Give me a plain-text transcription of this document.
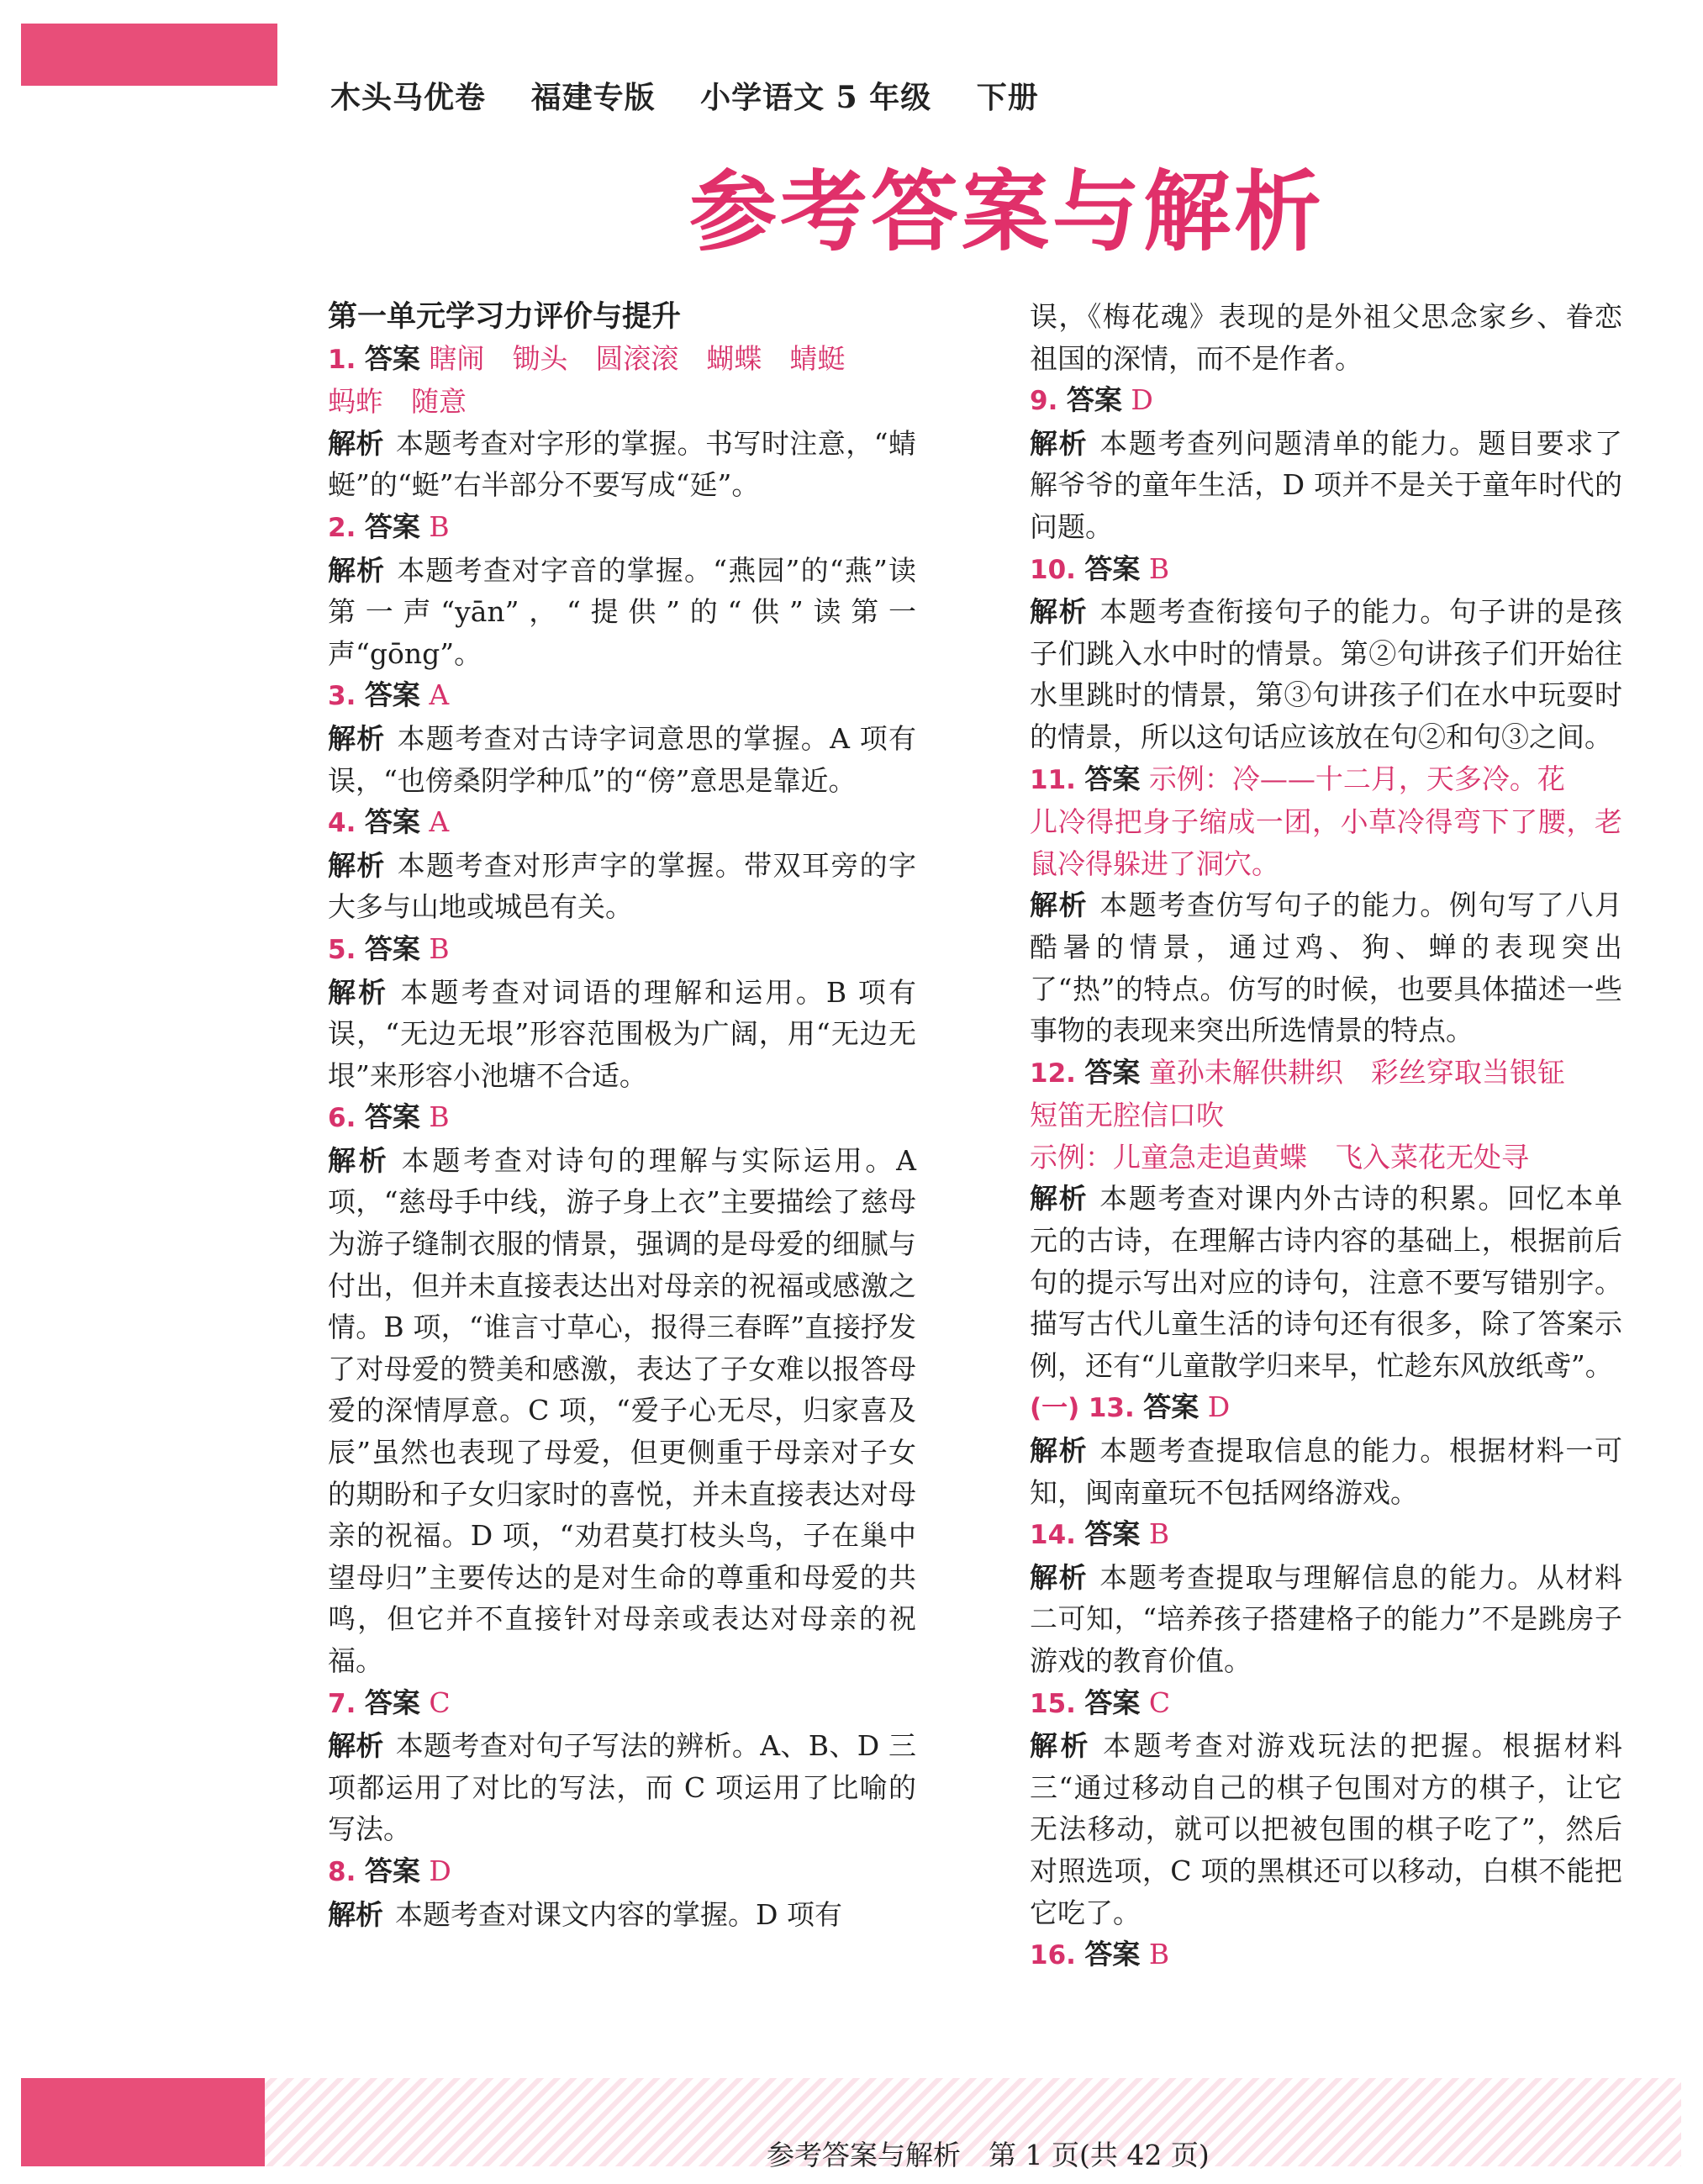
木头马优卷 福建专版 小学语文 5 年级 下册
参考答案与解析

第一单元学习力评价与提升

1. 答案 瞎闹　锄头　圆滚滚　蝴蝶　蜻蜓

蚂蚱　随意

解析 本题考查对字形的掌握。书写时注意，“蜻蜓”的“蜓”右半部分不要写成“延”。

2. 答案 B

解析 本题考查对字音的掌握。“燕园”的“燕”读第一声“yān”，“提供”的“供”读第一声“gōng”。

3. 答案 A

解析 本题考查对古诗字词意思的掌握。A 项有误，“也傍桑阴学种瓜”的“傍”意思是靠近。

4. 答案 A

解析 本题考查对形声字的掌握。带双耳旁的字大多与山地或城邑有关。

5. 答案 B

解析 本题考查对词语的理解和运用。B 项有误，“无边无垠”形容范围极为广阔，用“无边无垠”来形容小池塘不合适。

6. 答案 B

解析 本题考查对诗句的理解与实际运用。A 项，“慈母手中线，游子身上衣”主要描绘了慈母为游子缝制衣服的情景，强调的是母爱的细腻与付出，但并未直接表达出对母亲的祝福或感激之情。B 项，“谁言寸草心，报得三春晖”直接抒发了对母爱的赞美和感激，表达了子女难以报答母爱的深情厚意。C 项，“爱子心无尽，归家喜及辰”虽然也表现了母爱，但更侧重于母亲对子女的期盼和子女归家时的喜悦，并未直接表达对母亲的祝福。D 项，“劝君莫打枝头鸟，子在巢中望母归”主要传达的是对生命的尊重和母爱的共鸣，但它并不直接针对母亲或表达对母亲的祝福。

7. 答案 C

解析 本题考查对句子写法的辨析。A、B、D 三项都运用了对比的写法，而 C 项运用了比喻的写法。

8. 答案 D

解析 本题考查对课文内容的掌握。D 项有

误，《梅花魂》表现的是外祖父思念家乡、眷恋祖国的深情，而不是作者。

9. 答案 D

解析 本题考查列问题清单的能力。题目要求了解爷爷的童年生活，D 项并不是关于童年时代的问题。

10. 答案 B

解析 本题考查衔接句子的能力。句子讲的是孩子们跳入水中时的情景。第②句讲孩子们开始往水里跳时的情景，第③句讲孩子们在水中玩耍时的情景，所以这句话应该放在句②和句③之间。

11. 答案 示例：冷——十二月，天多冷。花

儿冷得把身子缩成一团，小草冷得弯下了腰，老鼠冷得躲进了洞穴。

解析 本题考查仿写句子的能力。例句写了八月酷暑的情景，通过鸡、狗、蝉的表现突出了“热”的特点。仿写的时候，也要具体描述一些事物的表现来突出所选情景的特点。

12. 答案 童孙未解供耕织　彩丝穿取当银钲

短笛无腔信口吹

示例：儿童急走追黄蝶　飞入菜花无处寻

解析 本题考查对课内外古诗的积累。回忆本单元的古诗，在理解古诗内容的基础上，根据前后句的提示写出对应的诗句，注意不要写错别字。描写古代儿童生活的诗句还有很多，除了答案示例，还有“儿童散学归来早，忙趁东风放纸鸢”。

(一) 13. 答案 D

解析 本题考查提取信息的能力。根据材料一可知，闽南童玩不包括网络游戏。

14. 答案 B

解析 本题考查提取与理解信息的能力。从材料二可知，“培养孩子搭建格子的能力”不是跳房子游戏的教育价值。

15. 答案 C

解析 本题考查对游戏玩法的把握。根据材料三“通过移动自己的棋子包围对方的棋子，让它无法移动，就可以把被包围的棋子吃了”，然后对照选项，C 项的黑棋还可以移动，白棋不能把它吃了。

16. 答案 B

参考答案与解析　第 1 页(共 42 页)
